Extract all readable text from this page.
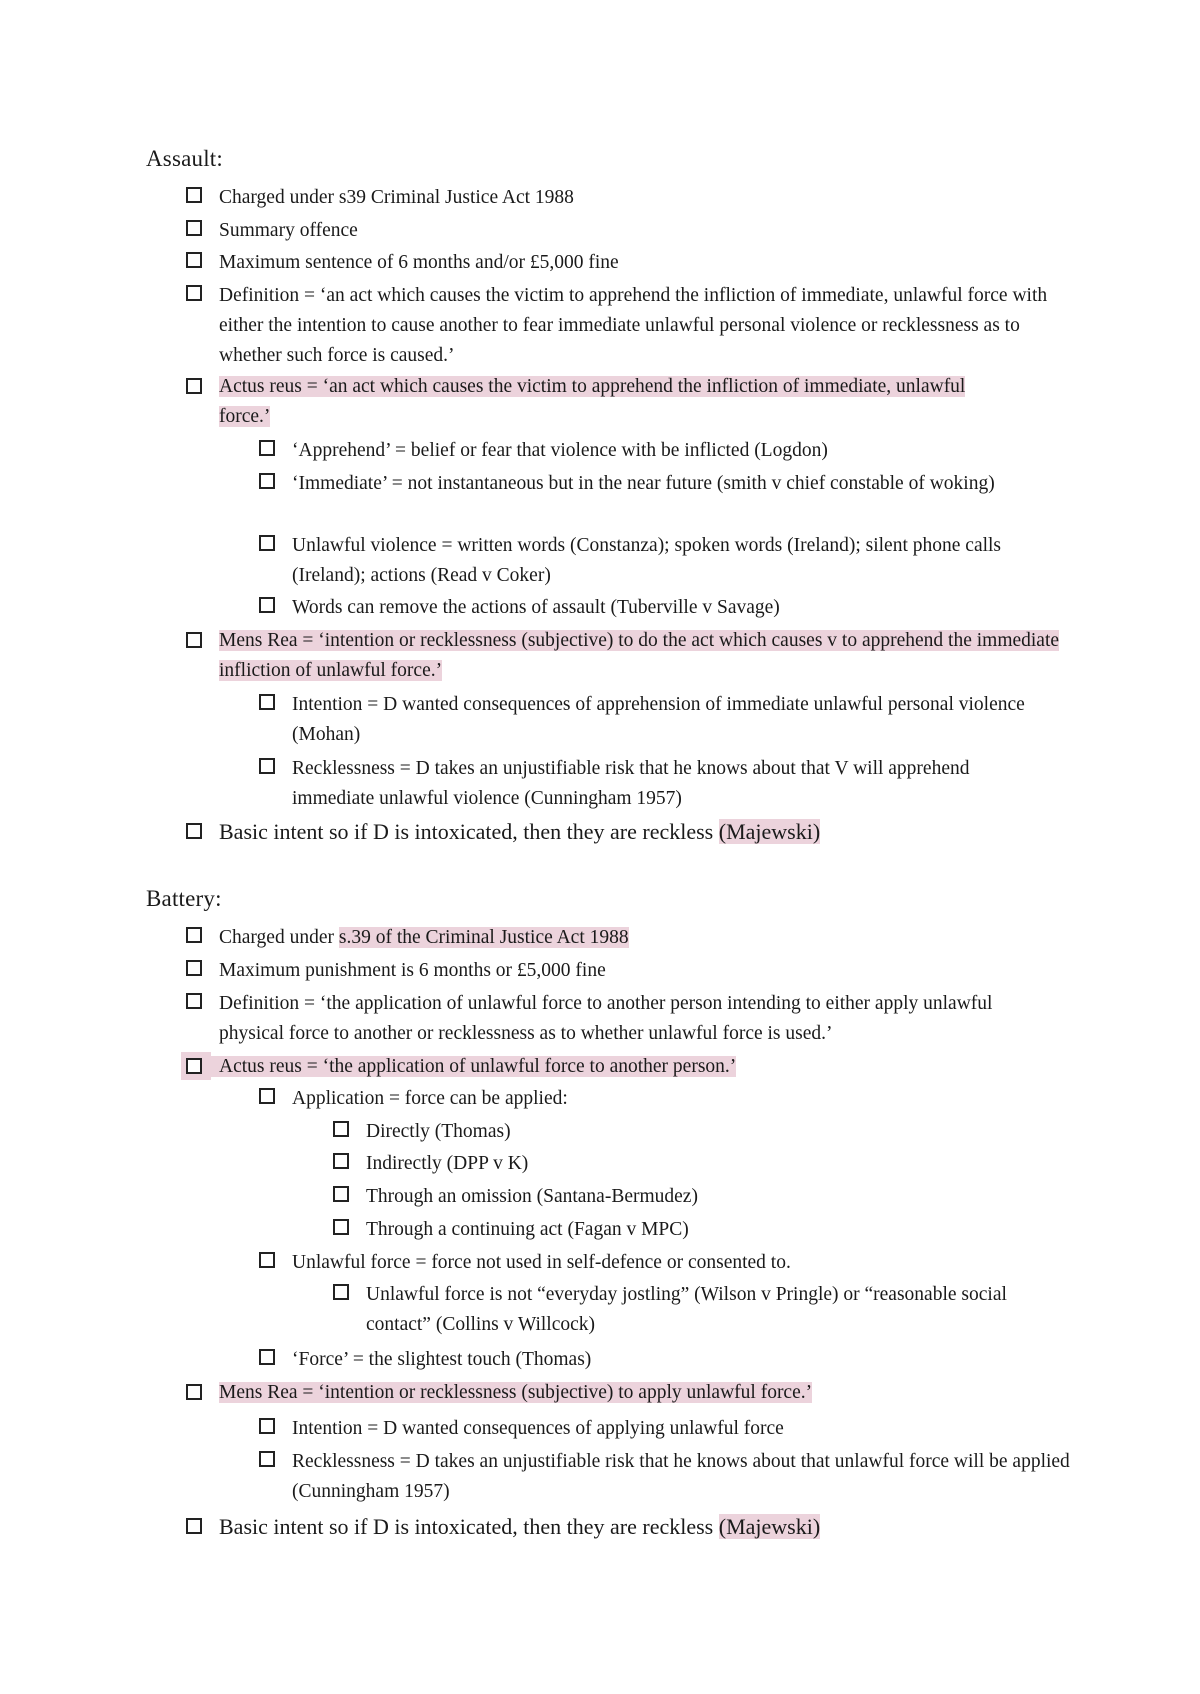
Assault:
Charged under s39 Criminal Justice Act 1988
Summary offence
Maximum sentence of 6 months and/or £5,000 fine
Definition = ‘an act which causes the victim to apprehend the infliction of immediate, unlawful force with either the intention to cause another to fear immediate unlawful personal violence or recklessness as to whether such force is caused.’
Actus reus = ‘an act which causes the victim to apprehend the infliction of immediate, unlawful force.’
‘Apprehend’ = belief or fear that violence with be inflicted (Logdon)
‘Immediate’ = not instantaneous but in the near future (smith v chief constable of woking)
Unlawful violence = written words (Constanza); spoken words (Ireland); silent phone calls (Ireland); actions (Read v Coker)
Words can remove the actions of assault (Tuberville v Savage)
Mens Rea = ‘intention or recklessness (subjective) to do the act which causes v to apprehend the immediate infliction of unlawful force.’
Intention = D wanted consequences of apprehension of immediate unlawful personal violence (Mohan)
Recklessness = D takes an unjustifiable risk that he knows about that V will apprehend immediate unlawful violence (Cunningham 1957)
Basic intent so if D is intoxicated, then they are reckless (Majewski)
Battery:
Charged under s.39 of the Criminal Justice Act 1988
Maximum punishment is 6 months or £5,000 fine
Definition = ‘the application of unlawful force to another person intending to either apply unlawful physical force to another or recklessness as to whether unlawful force is used.’
Actus reus = ‘the application of unlawful force to another person.’
Application = force can be applied:
Directly (Thomas)
Indirectly (DPP v K)
Through an omission (Santana-Bermudez)
Through a continuing act (Fagan v MPC)
Unlawful force = force not used in self-defence or consented to.
Unlawful force is not “everyday jostling” (Wilson v Pringle) or “reasonable social contact” (Collins v Willcock)
‘Force’ = the slightest touch (Thomas)
Mens Rea = ‘intention or recklessness (subjective) to apply unlawful force.’
Intention = D wanted consequences of applying unlawful force
Recklessness = D takes an unjustifiable risk that he knows about that unlawful force will be applied (Cunningham 1957)
Basic intent so if D is intoxicated, then they are reckless (Majewski)
